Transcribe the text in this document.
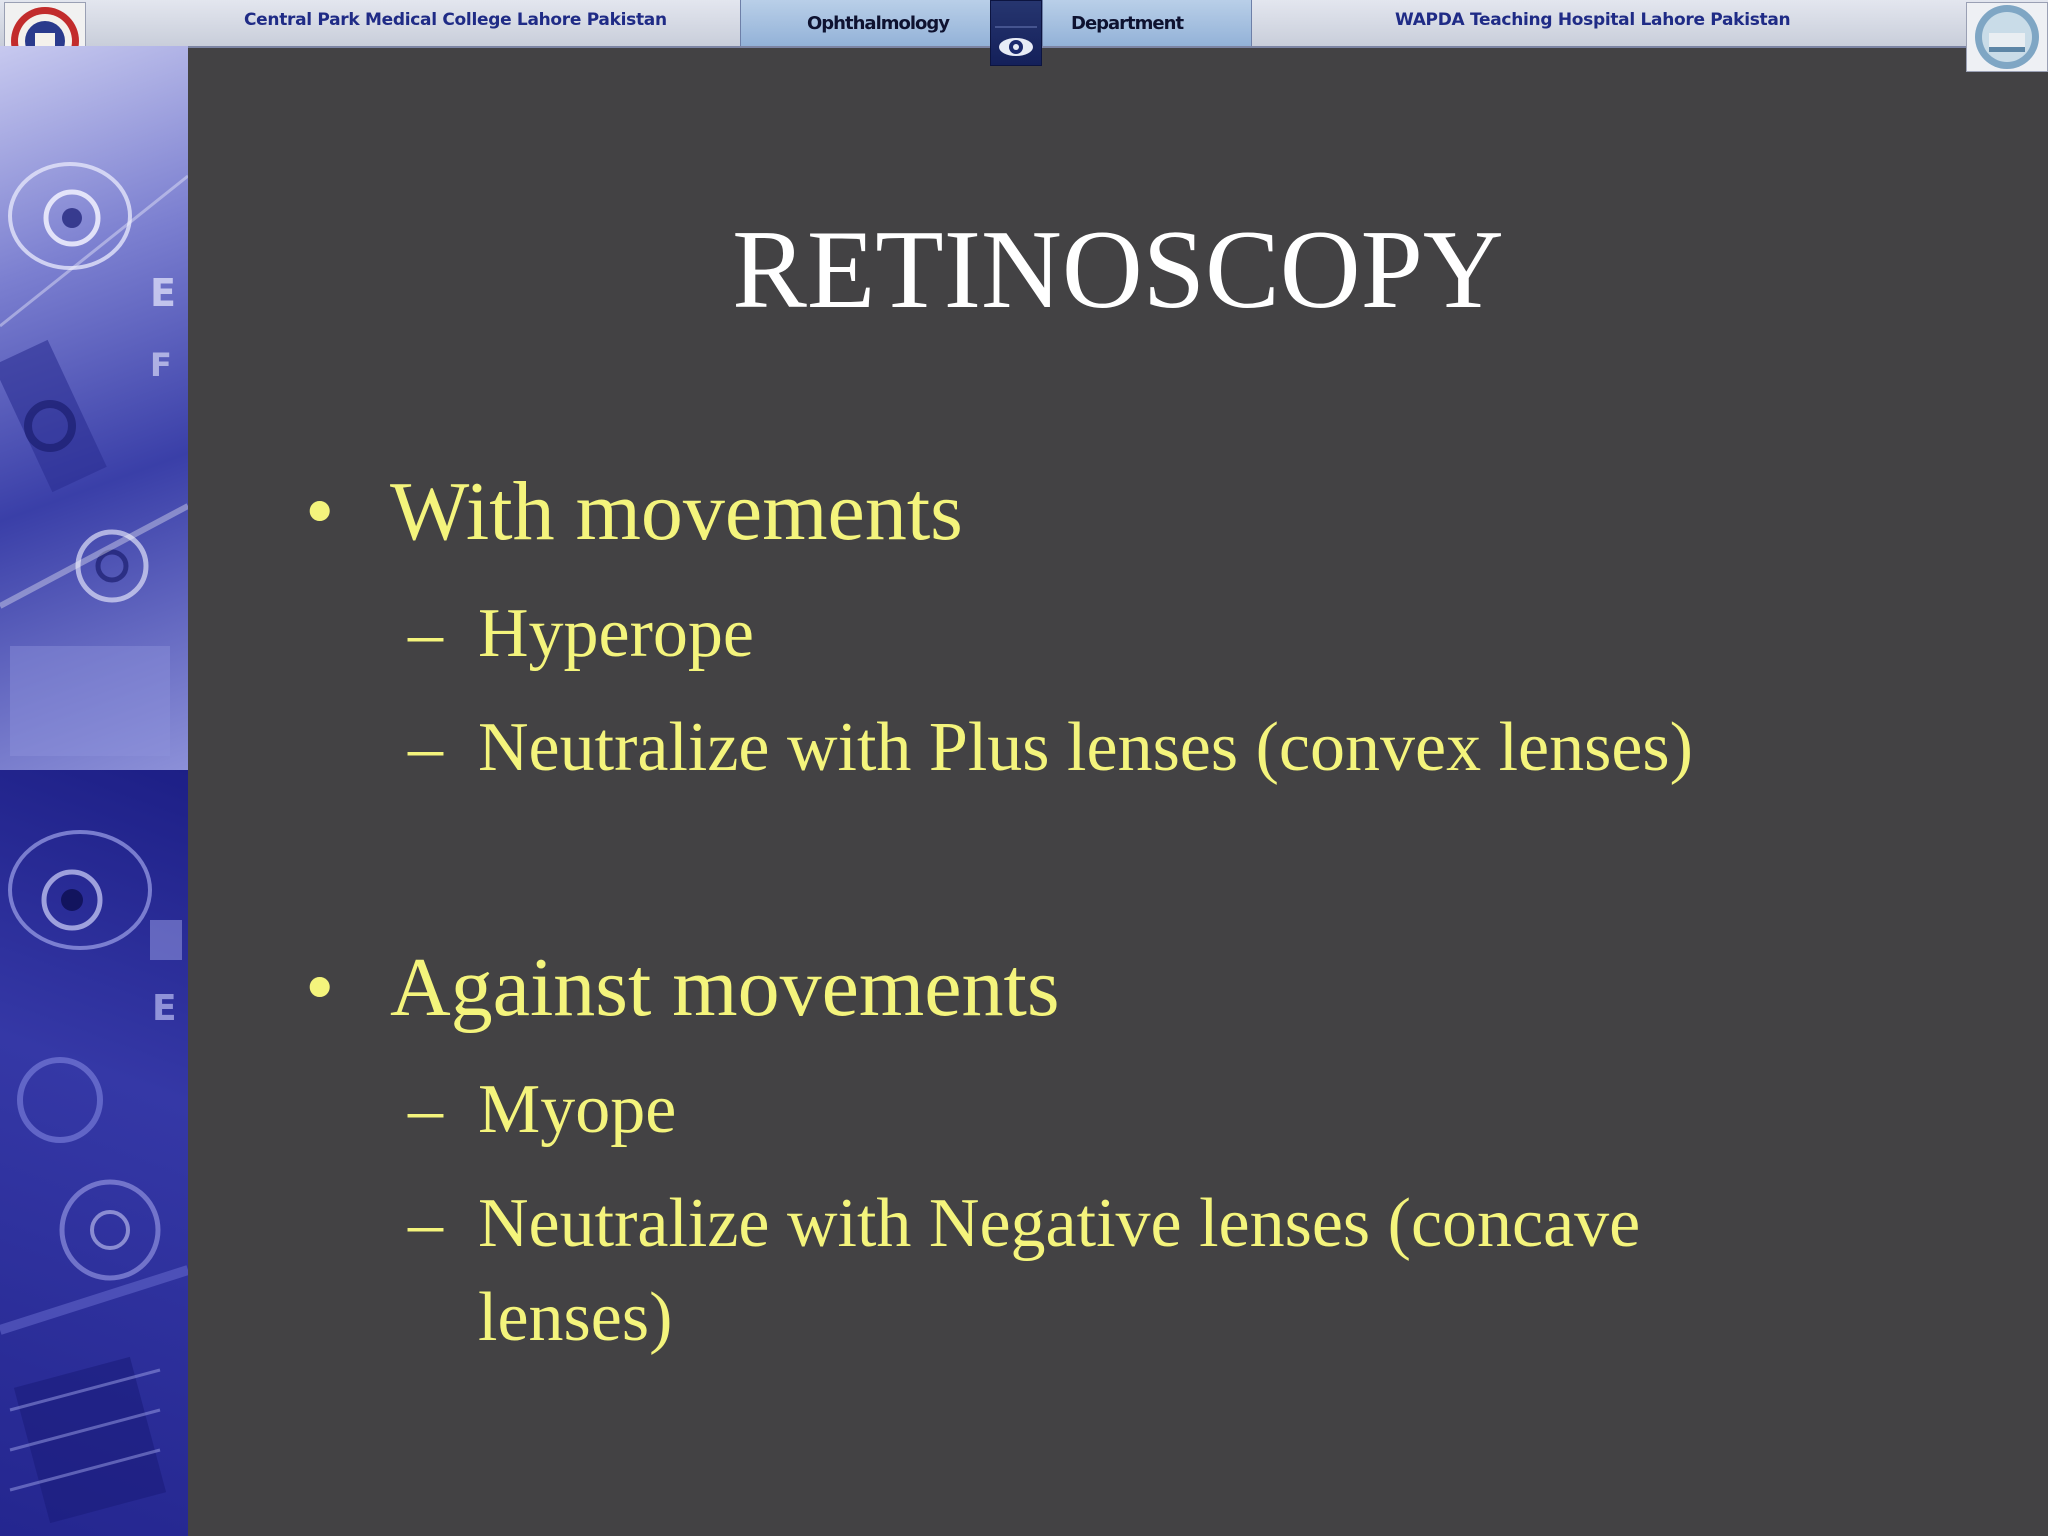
Central Park Medical College Lahore Pakistan	Ophthalmology	Department	WAPDA Teaching Hospital Lahore Pakistan
E
F
E
RETINOSCOPY
• With movements
– Hyperope
– Neutralize with Plus lenses (convex lenses)
• Against movements
– Myope
– Neutralize with Negative lenses (concave
lenses)
